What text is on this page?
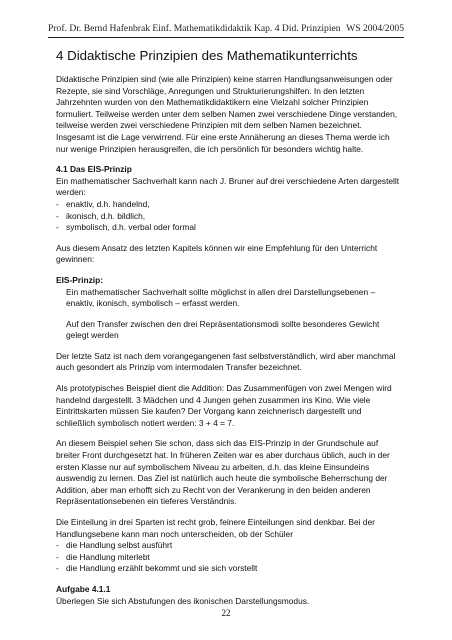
Prof. Dr. Bernd Hafenbrak Einf. Mathematikdidaktik Kap. 4 Did. Prinzipien WS 2004/2005
4 Didaktische Prinzipien des Mathematikunterrichts

Didaktische Prinzipien sind (wie alle Prinzipien) keine starren Handlungsanweisungen oder Rezepte, sie sind Vorschläge, Anregungen und Strukturierungshilfen. In den letzten Jahrzehnten wurden von den Mathematikdidaktikern eine Vielzahl solcher Prinzipien formuliert. Teilweise werden unter dem selben Namen zwei verschiedene Dinge verstanden, teilweise werden zwei verschiedene Prinzipien mit dem selben Namen bezeichnet. Insgesamt ist die Lage verwirrend. Für eine erste Annäherung an dieses Thema werde ich nur wenige Prinzipien herausgreifen, die ich persönlich für besonders wichtig halte.

4.1 Das EIS-Prinzip

Ein mathematischer Sachverhalt kann nach J. Bruner auf drei verschiedene Arten dargestellt werden:

- enaktiv, d.h. handelnd,
- ikonisch, d.h. bildlich,
- symbolisch, d.h. verbal oder formal

Aus diesem Ansatz des letzten Kapitels können wir eine Empfehlung für den Unterricht gewinnen:

EIS-Prinzip:

Ein mathematischer Sachverhalt sollte möglichst in allen drei Darstellungsebenen – enaktiv, ikonisch, symbolisch – erfasst werden.

Auf den Transfer zwischen den drei Repräsentationsmodi sollte besonderes Gewicht gelegt werden

Der letzte Satz ist nach dem vorangegangenen fast selbstverständlich, wird aber manchmal auch gesondert als Prinzip vom intermodalen Transfer bezeichnet.

Als prototypisches Beispiel dient die Addition: Das Zusammenfügen von zwei Mengen wird handelnd dargestellt. 3 Mädchen und 4 Jungen gehen zusammen ins Kino. Wie viele Eintrittskarten müssen Sie kaufen? Der Vorgang kann zeichnerisch dargestellt und schließlich symbolisch notiert werden: 3 + 4 = 7.

An diesem Beispiel sehen Sie schon, dass sich das EIS-Prinzip in der Grundschule auf breiter Front durchgesetzt hat. In früheren Zeiten war es aber durchaus üblich, auch in der ersten Klasse nur auf symbolischem Niveau zu arbeiten, d.h. das kleine Einsundeins auswendig zu lernen. Das Ziel ist natürlich auch heute die symbolische Beherrschung der Addition, aber man erhofft sich zu Recht von der Verankerung in den beiden anderen Repräsentationsebenen ein tieferes Verständnis.

Die Einteilung in drei Sparten ist recht grob, feinere Einteilungen sind denkbar. Bei der Handlungsebene kann man noch unterscheiden, ob der Schüler

- die Handlung selbst ausführt
- die Handlung miterlebt
- die Handlung erzählt bekommt und sie sich vorstellt

Aufgabe 4.1.1

Überlegen Sie sich Abstufungen des ikonischen Darstellungsmodus.

22
